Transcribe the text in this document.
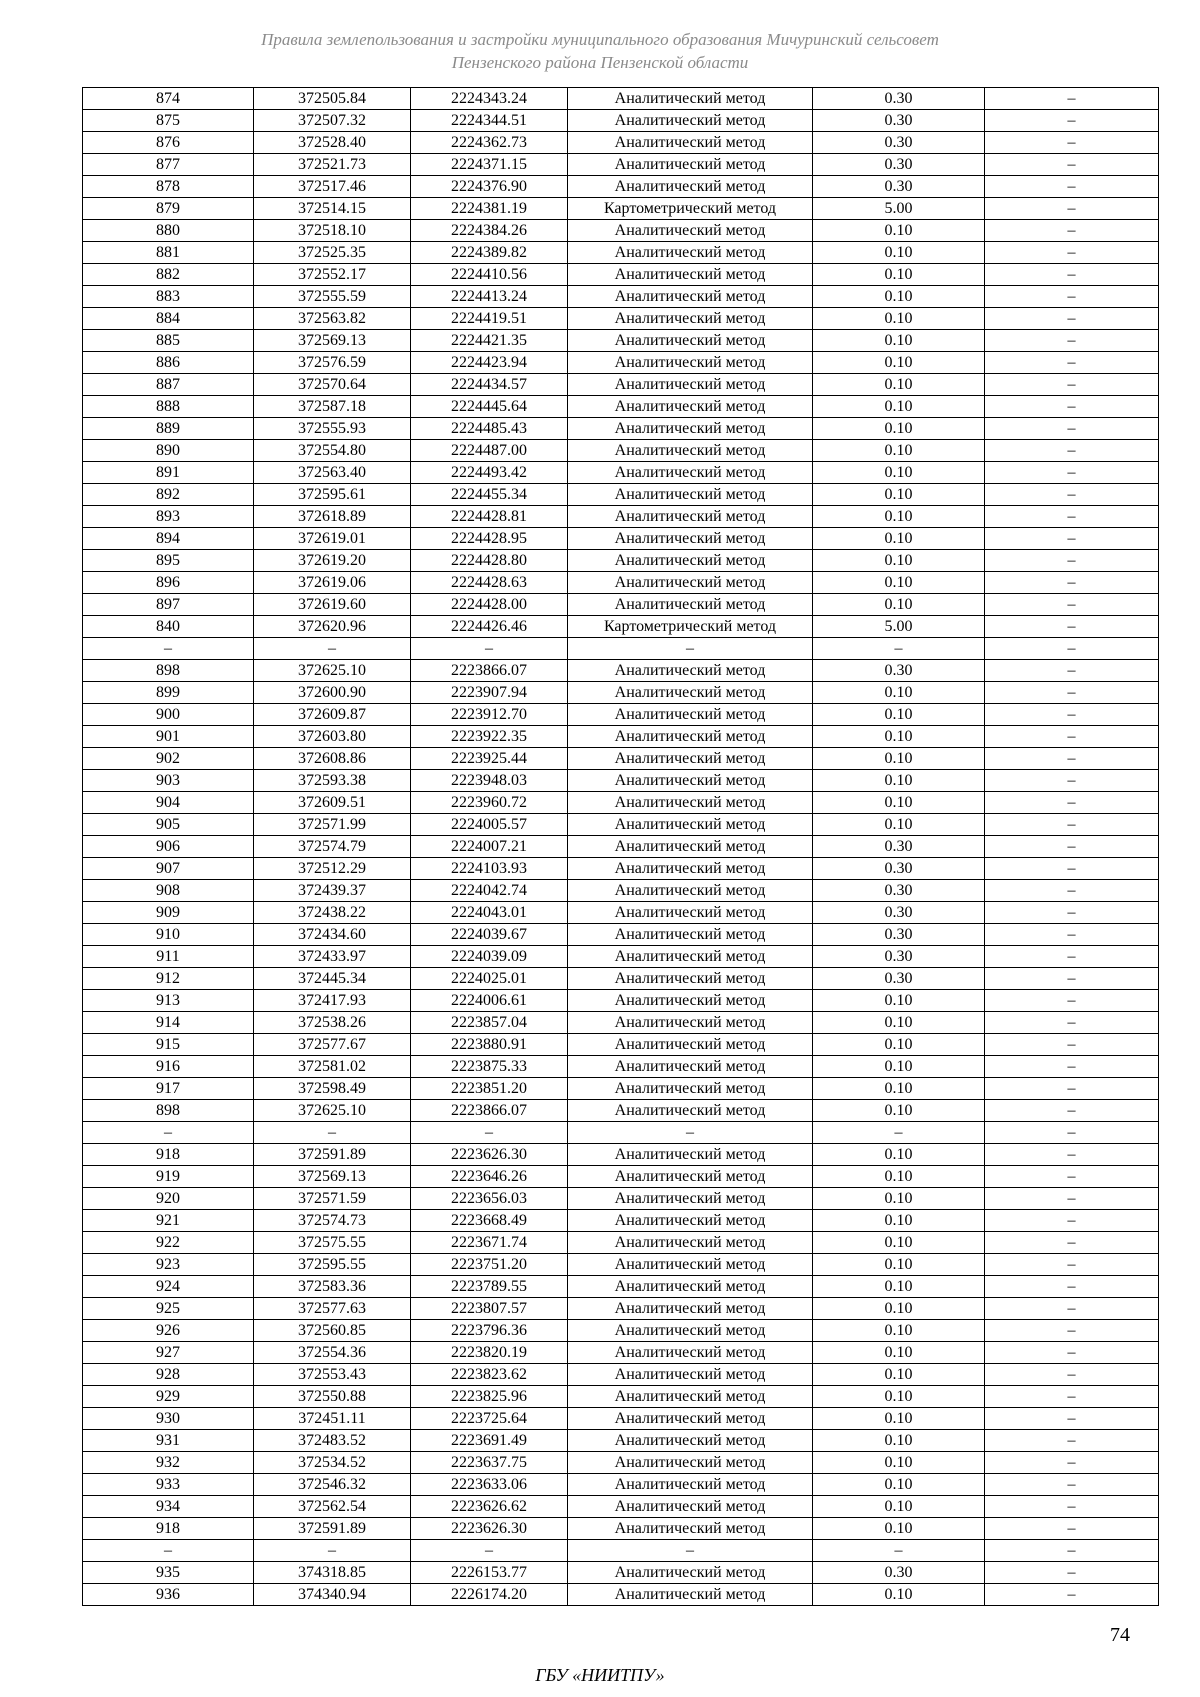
Правила землепользования и застройки муниципального образования Мичуринский сельсовет
Пензенского района Пензенской области
874	372505.84	2224343.24	Аналитический метод	0.30	–
875	372507.32	2224344.51	Аналитический метод	0.30	–
876	372528.40	2224362.73	Аналитический метод	0.30	–
877	372521.73	2224371.15	Аналитический метод	0.30	–
878	372517.46	2224376.90	Аналитический метод	0.30	–
879	372514.15	2224381.19	Картометрический метод	5.00	–
880	372518.10	2224384.26	Аналитический метод	0.10	–
881	372525.35	2224389.82	Аналитический метод	0.10	–
882	372552.17	2224410.56	Аналитический метод	0.10	–
883	372555.59	2224413.24	Аналитический метод	0.10	–
884	372563.82	2224419.51	Аналитический метод	0.10	–
885	372569.13	2224421.35	Аналитический метод	0.10	–
886	372576.59	2224423.94	Аналитический метод	0.10	–
887	372570.64	2224434.57	Аналитический метод	0.10	–
888	372587.18	2224445.64	Аналитический метод	0.10	–
889	372555.93	2224485.43	Аналитический метод	0.10	–
890	372554.80	2224487.00	Аналитический метод	0.10	–
891	372563.40	2224493.42	Аналитический метод	0.10	–
892	372595.61	2224455.34	Аналитический метод	0.10	–
893	372618.89	2224428.81	Аналитический метод	0.10	–
894	372619.01	2224428.95	Аналитический метод	0.10	–
895	372619.20	2224428.80	Аналитический метод	0.10	–
896	372619.06	2224428.63	Аналитический метод	0.10	–
897	372619.60	2224428.00	Аналитический метод	0.10	–
840	372620.96	2224426.46	Картометрический метод	5.00	–
–	–	–	–	–	–
898	372625.10	2223866.07	Аналитический метод	0.30	–
899	372600.90	2223907.94	Аналитический метод	0.10	–
900	372609.87	2223912.70	Аналитический метод	0.10	–
901	372603.80	2223922.35	Аналитический метод	0.10	–
902	372608.86	2223925.44	Аналитический метод	0.10	–
903	372593.38	2223948.03	Аналитический метод	0.10	–
904	372609.51	2223960.72	Аналитический метод	0.10	–
905	372571.99	2224005.57	Аналитический метод	0.10	–
906	372574.79	2224007.21	Аналитический метод	0.30	–
907	372512.29	2224103.93	Аналитический метод	0.30	–
908	372439.37	2224042.74	Аналитический метод	0.30	–
909	372438.22	2224043.01	Аналитический метод	0.30	–
910	372434.60	2224039.67	Аналитический метод	0.30	–
911	372433.97	2224039.09	Аналитический метод	0.30	–
912	372445.34	2224025.01	Аналитический метод	0.30	–
913	372417.93	2224006.61	Аналитический метод	0.10	–
914	372538.26	2223857.04	Аналитический метод	0.10	–
915	372577.67	2223880.91	Аналитический метод	0.10	–
916	372581.02	2223875.33	Аналитический метод	0.10	–
917	372598.49	2223851.20	Аналитический метод	0.10	–
898	372625.10	2223866.07	Аналитический метод	0.10	–
–	–	–	–	–	–
918	372591.89	2223626.30	Аналитический метод	0.10	–
919	372569.13	2223646.26	Аналитический метод	0.10	–
920	372571.59	2223656.03	Аналитический метод	0.10	–
921	372574.73	2223668.49	Аналитический метод	0.10	–
922	372575.55	2223671.74	Аналитический метод	0.10	–
923	372595.55	2223751.20	Аналитический метод	0.10	–
924	372583.36	2223789.55	Аналитический метод	0.10	–
925	372577.63	2223807.57	Аналитический метод	0.10	–
926	372560.85	2223796.36	Аналитический метод	0.10	–
927	372554.36	2223820.19	Аналитический метод	0.10	–
928	372553.43	2223823.62	Аналитический метод	0.10	–
929	372550.88	2223825.96	Аналитический метод	0.10	–
930	372451.11	2223725.64	Аналитический метод	0.10	–
931	372483.52	2223691.49	Аналитический метод	0.10	–
932	372534.52	2223637.75	Аналитический метод	0.10	–
933	372546.32	2223633.06	Аналитический метод	0.10	–
934	372562.54	2223626.62	Аналитический метод	0.10	–
918	372591.89	2223626.30	Аналитический метод	0.10	–
–	–	–	–	–	–
935	374318.85	2226153.77	Аналитический метод	0.30	–
936	374340.94	2226174.20	Аналитический метод	0.10	–
74
ГБУ «НИИТПУ»
